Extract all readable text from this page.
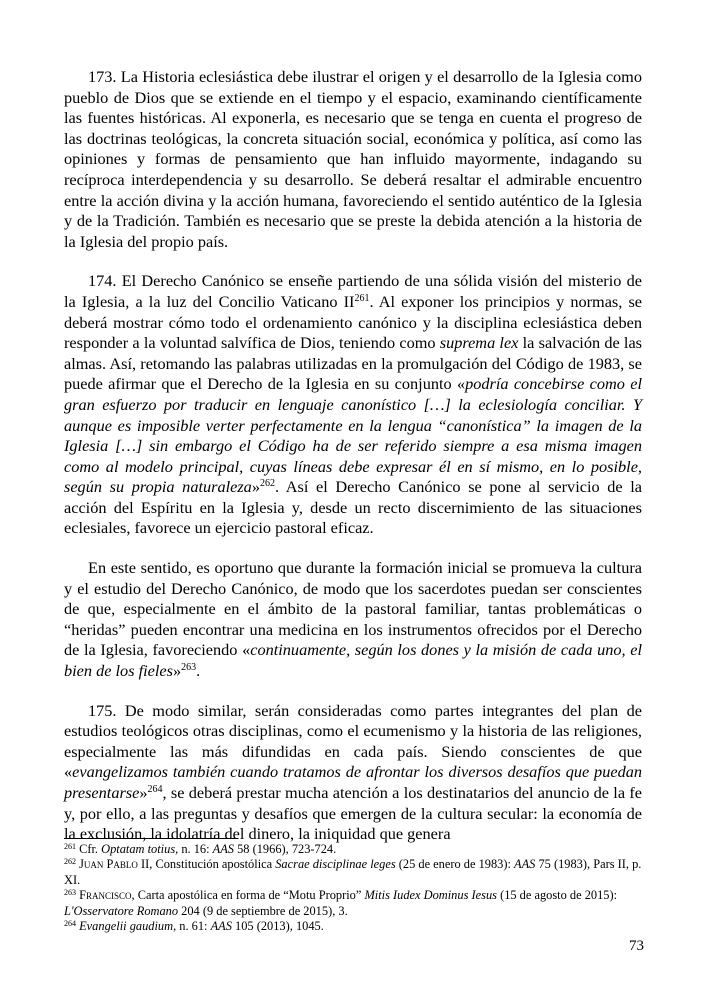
173. La Historia eclesiástica debe ilustrar el origen y el desarrollo de la Iglesia como pueblo de Dios que se extiende en el tiempo y el espacio, examinando científicamente las fuentes históricas. Al exponerla, es necesario que se tenga en cuenta el progreso de las doctrinas teológicas, la concreta situación social, económica y política, así como las opiniones y formas de pensamiento que han influido mayormente, indagando su recíproca interdependencia y su desarrollo. Se deberá resaltar el admirable encuentro entre la acción divina y la acción humana, favoreciendo el sentido auténtico de la Iglesia y de la Tradición. También es necesario que se preste la debida atención a la historia de la Iglesia del propio país.

174. El Derecho Canónico se enseñe partiendo de una sólida visión del misterio de la Iglesia, a la luz del Concilio Vaticano II$^{261}$. Al exponer los principios y normas, se deberá mostrar cómo todo el ordenamiento canónico y la disciplina eclesiástica deben responder a la voluntad salvífica de Dios, teniendo como suprema lex la salvación de las almas. Así, retomando las palabras utilizadas en la promulgación del Código de 1983, se puede afirmar que el Derecho de la Iglesia en su conjunto «podría concebirse como el gran esfuerzo por traducir en lenguaje canonístico […] la eclesiología conciliar. Y aunque es imposible verter perfectamente en la lengua “canonística” la imagen de la Iglesia […] sin embargo el Código ha de ser referido siempre a esa misma imagen como al modelo principal, cuyas líneas debe expresar él en sí mismo, en lo posible, según su propia naturaleza»$^{262}$. Así el Derecho Canónico se pone al servicio de la acción del Espíritu en la Iglesia y, desde un recto discernimiento de las situaciones eclesiales, favorece un ejercicio pastoral eficaz.

En este sentido, es oportuno que durante la formación inicial se promueva la cultura y el estudio del Derecho Canónico, de modo que los sacerdotes puedan ser conscientes de que, especialmente en el ámbito de la pastoral familiar, tantas problemáticas o “heridas” pueden encontrar una medicina en los instrumentos ofrecidos por el Derecho de la Iglesia, favoreciendo «continuamente, según los dones y la misión de cada uno, el bien de los fieles»$^{263}$.

175. De modo similar, serán consideradas como partes integrantes del plan de estudios teológicos otras disciplinas, como el ecumenismo y la historia de las religiones, especialmente las más difundidas en cada país. Siendo conscientes de que «evangelizamos también cuando tratamos de afrontar los diversos desafíos que puedan presentarse»$^{264}$, se deberá prestar mucha atención a los destinatarios del anuncio de la fe y, por ello, a las preguntas y desafíos que emergen de la cultura secular: la economía de la exclusión, la idolatría del dinero, la iniquidad que genera

$^{261}$ Cfr. Optatam totius, n. 16: AAS 58 (1966), 723-724.

$^{262}$ Juan Pablo II, Constitución apostólica Sacrae disciplinae leges (25 de enero de 1983): AAS 75 (1983), Pars II, p. XI.

$^{263}$ Francisco, Carta apostólica en forma de “Motu Proprio” Mitis Iudex Dominus Iesus (15 de agosto de 2015): L'Osservatore Romano 204 (9 de septiembre de 2015), 3.

$^{264}$ Evangelii gaudium, n. 61: AAS 105 (2013), 1045.

73
